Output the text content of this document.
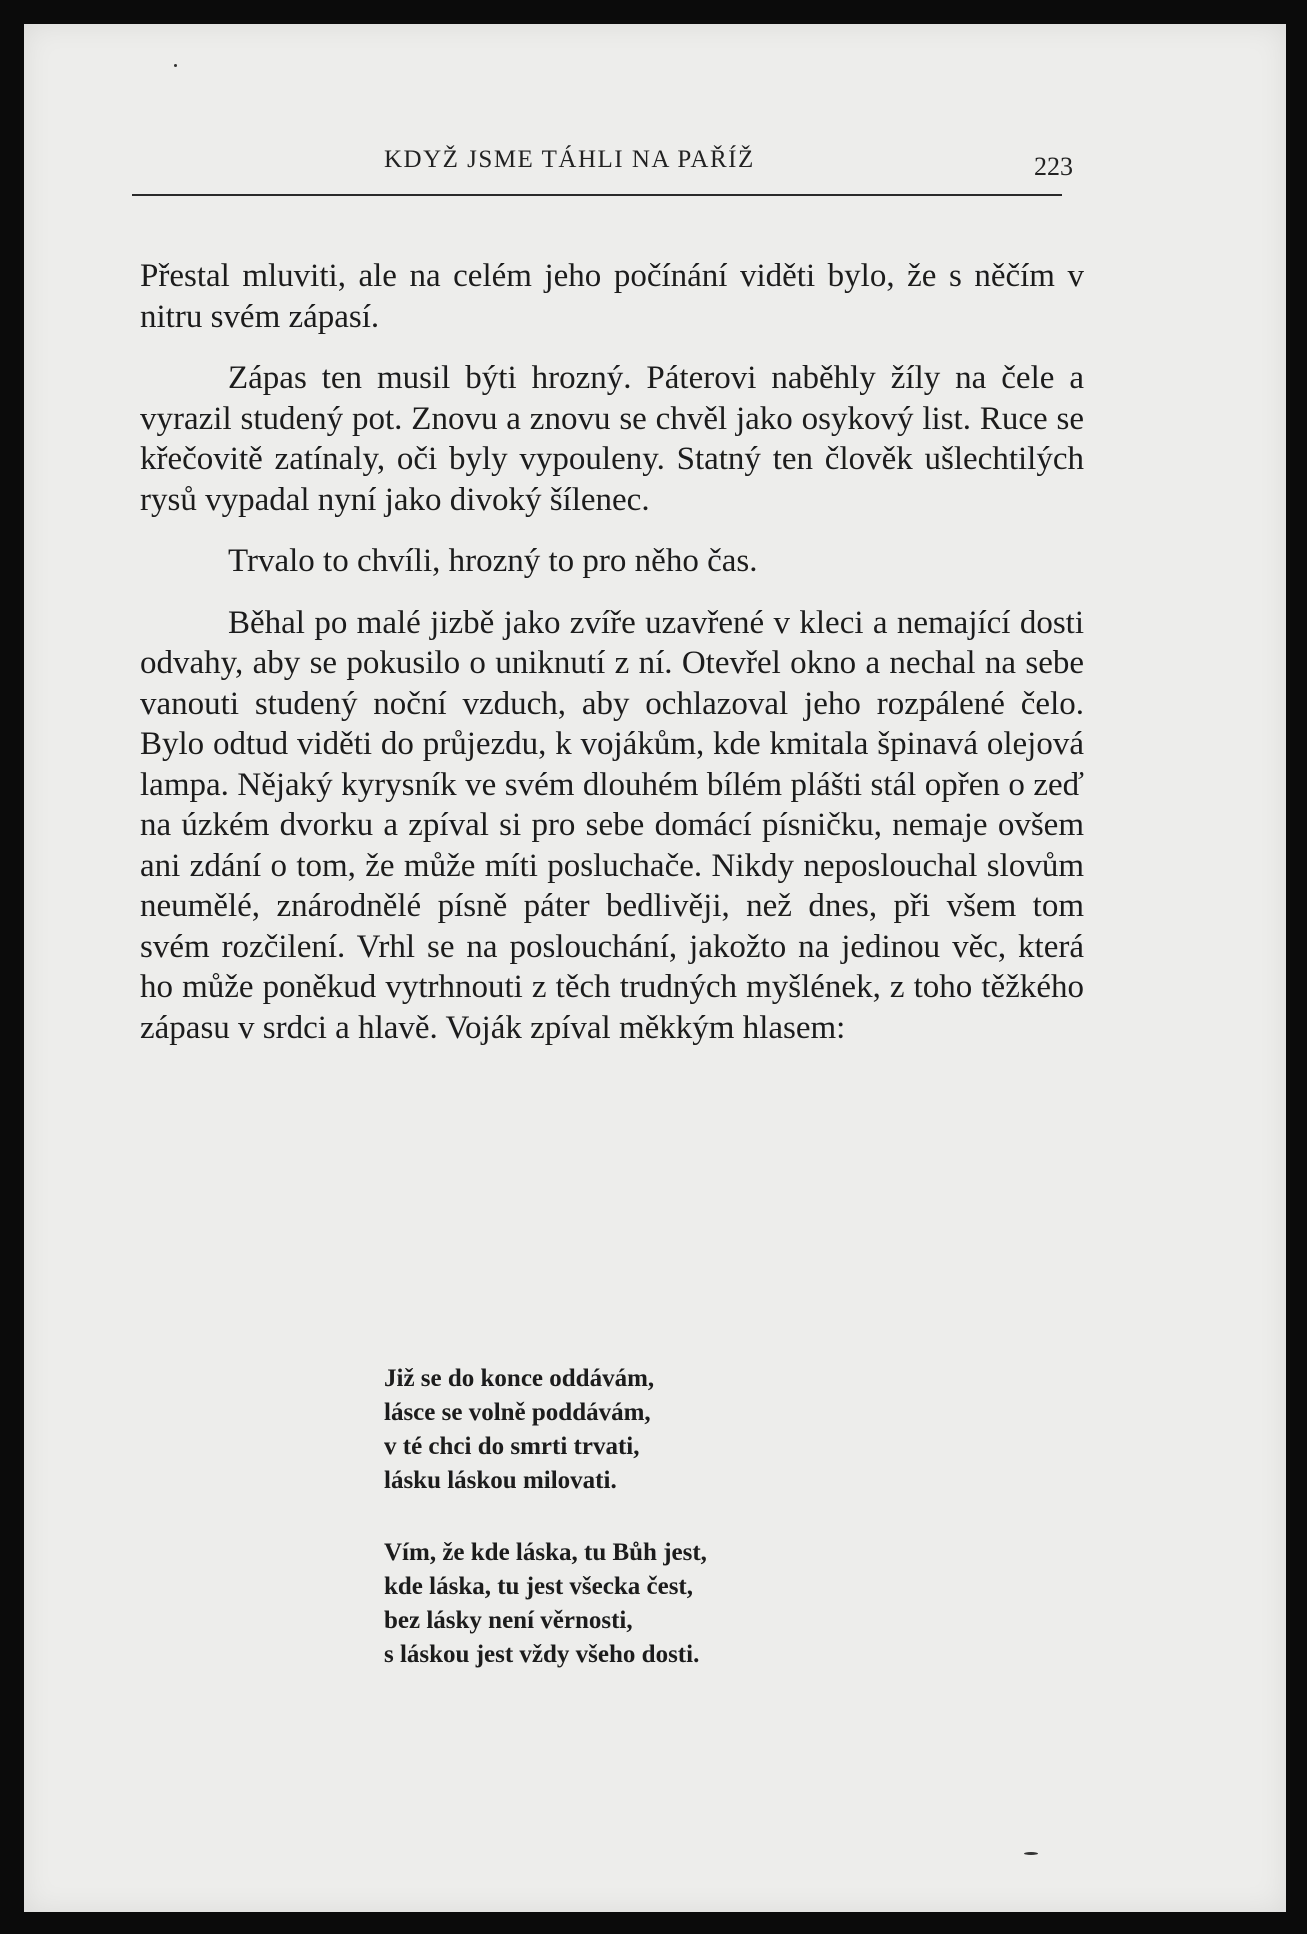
KDYŽ JSME TÁHLI NA PAŘÍŽ	223

Přestal mluviti, ale na celém jeho počínání viděti bylo, že s něčím v nitru svém zápasí.

Zápas ten musil býti hrozný. Páterovi naběhly žíly na čele a vyrazil studený pot. Znovu a znovu se chvěl jako osykový list. Ruce se křečovitě zatínaly, oči byly vypouleny. Statný ten člověk ušlechtilých rysů vypadal nyní jako divoký šílenec.

Trvalo to chvíli, hrozný to pro něho čas.

Běhal po malé jizbě jako zvíře uzavřené v kleci a nemající dosti odvahy, aby se pokusilo o uniknutí z ní. Otevřel okno a nechal na sebe vanouti studený noční vzduch, aby ochlazoval jeho rozpálené čelo. Bylo odtud viděti do průjezdu, k vojákům, kde kmitala špinavá olejová lampa. Nějaký kyrysník ve svém dlouhém bílém plášti stál opřen o zeď na úzkém dvorku a zpíval si pro sebe domácí písničku, nemaje ovšem ani zdání o tom, že může míti posluchače. Nikdy neposlouchal slovům neumělé, znárodnělé písně páter bedlivěji, než dnes, při všem tom svém rozčilení. Vrhl se na poslouchání, jakožto na jedinou věc, která ho může poněkud vytrhnouti z těch trudných myšlének, z toho těžkého zápasu v srdci a hlavě. Voják zpíval měkkým hlasem:

Již se do konce oddávám,
lásce se volně poddávám,
v té chci do smrti trvati,
lásku láskou milovati.
Vím, že kde láska, tu Bůh jest,
kde láska, tu jest všecka čest,
bez lásky není věrnosti,
s láskou jest vždy všeho dosti.
